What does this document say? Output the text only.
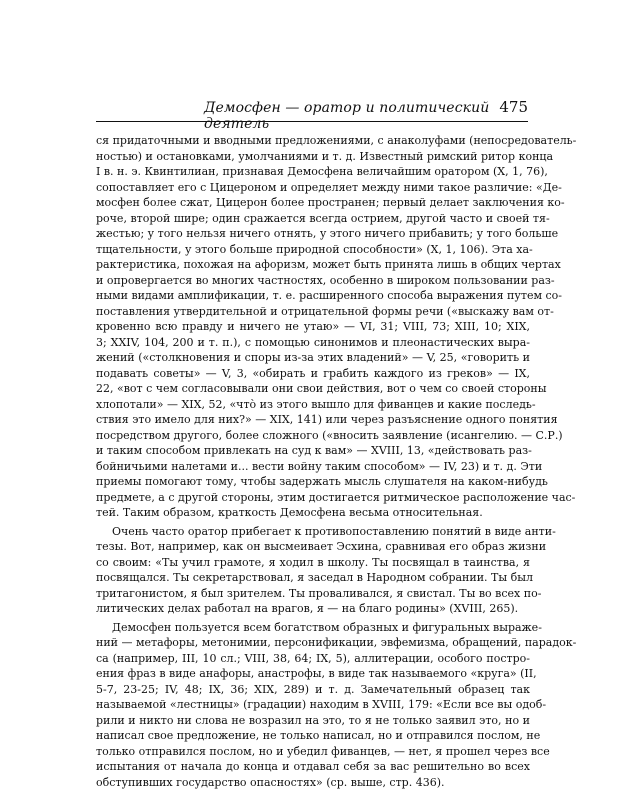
Демосфен — оратор и политический деятель
475
ся придаточными и вводными предложениями, с анаколуфами (непосредователь-
ностью) и остановками, умолчаниями и т. д. Известный римский ритор конца
I в. н. э. Квинтилиан, признавая Демосфена величайшим оратором (X, 1, 76),
сопоставляет его с Цицероном и определяет между ними такое различие: «Де-
мосфен более сжат, Цицерон более пространен; первый делает заключения ко-
роче, второй шире; один сражается всегда острием, другой часто и своей тя-
жестью; у того нельзя ничего отнять, у этого ничего прибавить; у того больше
тщательности, у этого больше природной способности» (X, 1, 106). Эта ха-
рактеристика, похожая на афоризм, может быть принята лишь в общих чертах
и опровергается во многих частностях, особенно в широком пользовании раз-
ными видами амплификации, т. е. расширенного способа выражения путем со-
поставления утвердительной и отрицательной формы речи («выскажу вам от-
кровенно всю правду и ничего не утаю» — VI, 31; VIII, 73; XIII, 10; XIX,
3; XXIV, 104, 200 и т. п.), с помощью синонимов и плеонастических выра-
жений («столкновения и споры из-за этих владений» — V, 25, «говорить и
подавать советы» — V, 3, «обирать и грабить каждого из греков» — IX,
22, «вот с чем согласовывали они свои действия, вот о чем со своей стороны
хлопотали» — XIX, 52, «что̀ из этого вышло для фиванцев и какие последь-
ствия это имело для них?» — XIX, 141) или через разъяснение одного понятия
посредством другого, более сложного («вносить заявление (исангелию. — С.Р.)
и таким способом привлекать на суд к вам» — XVIII, 13, «действовать раз-
бойничьими налетами и... вести войну таким способом» — IV, 23) и т. д. Эти
приемы помогают тому, чтобы задержать мысль слушателя на каком-нибудь
предмете, а с другой стороны, этим достигается ритмическое расположение час-
тей. Таким образом, краткость Демосфена весьма относительная.
Очень часто оратор прибегает к противопоставлению понятий в виде анти-
тезы. Вот, например, как он высмеивает Эсхина, сравнивая его образ жизни
со своим: «Ты учил грамоте, я ходил в школу. Ты посвящал в таинства, я
посвящался. Ты секретарствовал, я заседал в Народном собрании. Ты был
тритагонистом, я был зрителем. Ты проваливался, я свистал. Ты во всех по-
литических делах работал на врагов, я — на благо родины» (XVIII, 265).
Демосфен пользуется всем богатством образных и фигуральных выраже-
ний — метафоры, метонимии, персонификации, эвфемизма, обращений, парадок-
са (например, III, 10 сл.; VIII, 38, 64; IX, 5), аллитерации, особого постро-
ения фраз в виде анафоры, анастрофы, в виде так называемого «круга» (II,
5-7, 23-25; IV, 48; IX, 36; XIX, 289) и т. д. Замечательный образец так
называемой «лестницы» (градации) находим в XVIII, 179: «Если все вы одоб-
рили и никто ни слова не возразил на это, то я не только заявил это, но и
написал свое предложение, не только написал, но и отправился послом, не
только отправился послом, но и убедил фиванцев, — нет, я прошел через все
испытания от начала до конца и отдавал себя за вас решительно во всех
обступивших государство опасностях» (ср. выше, стр. 436).
